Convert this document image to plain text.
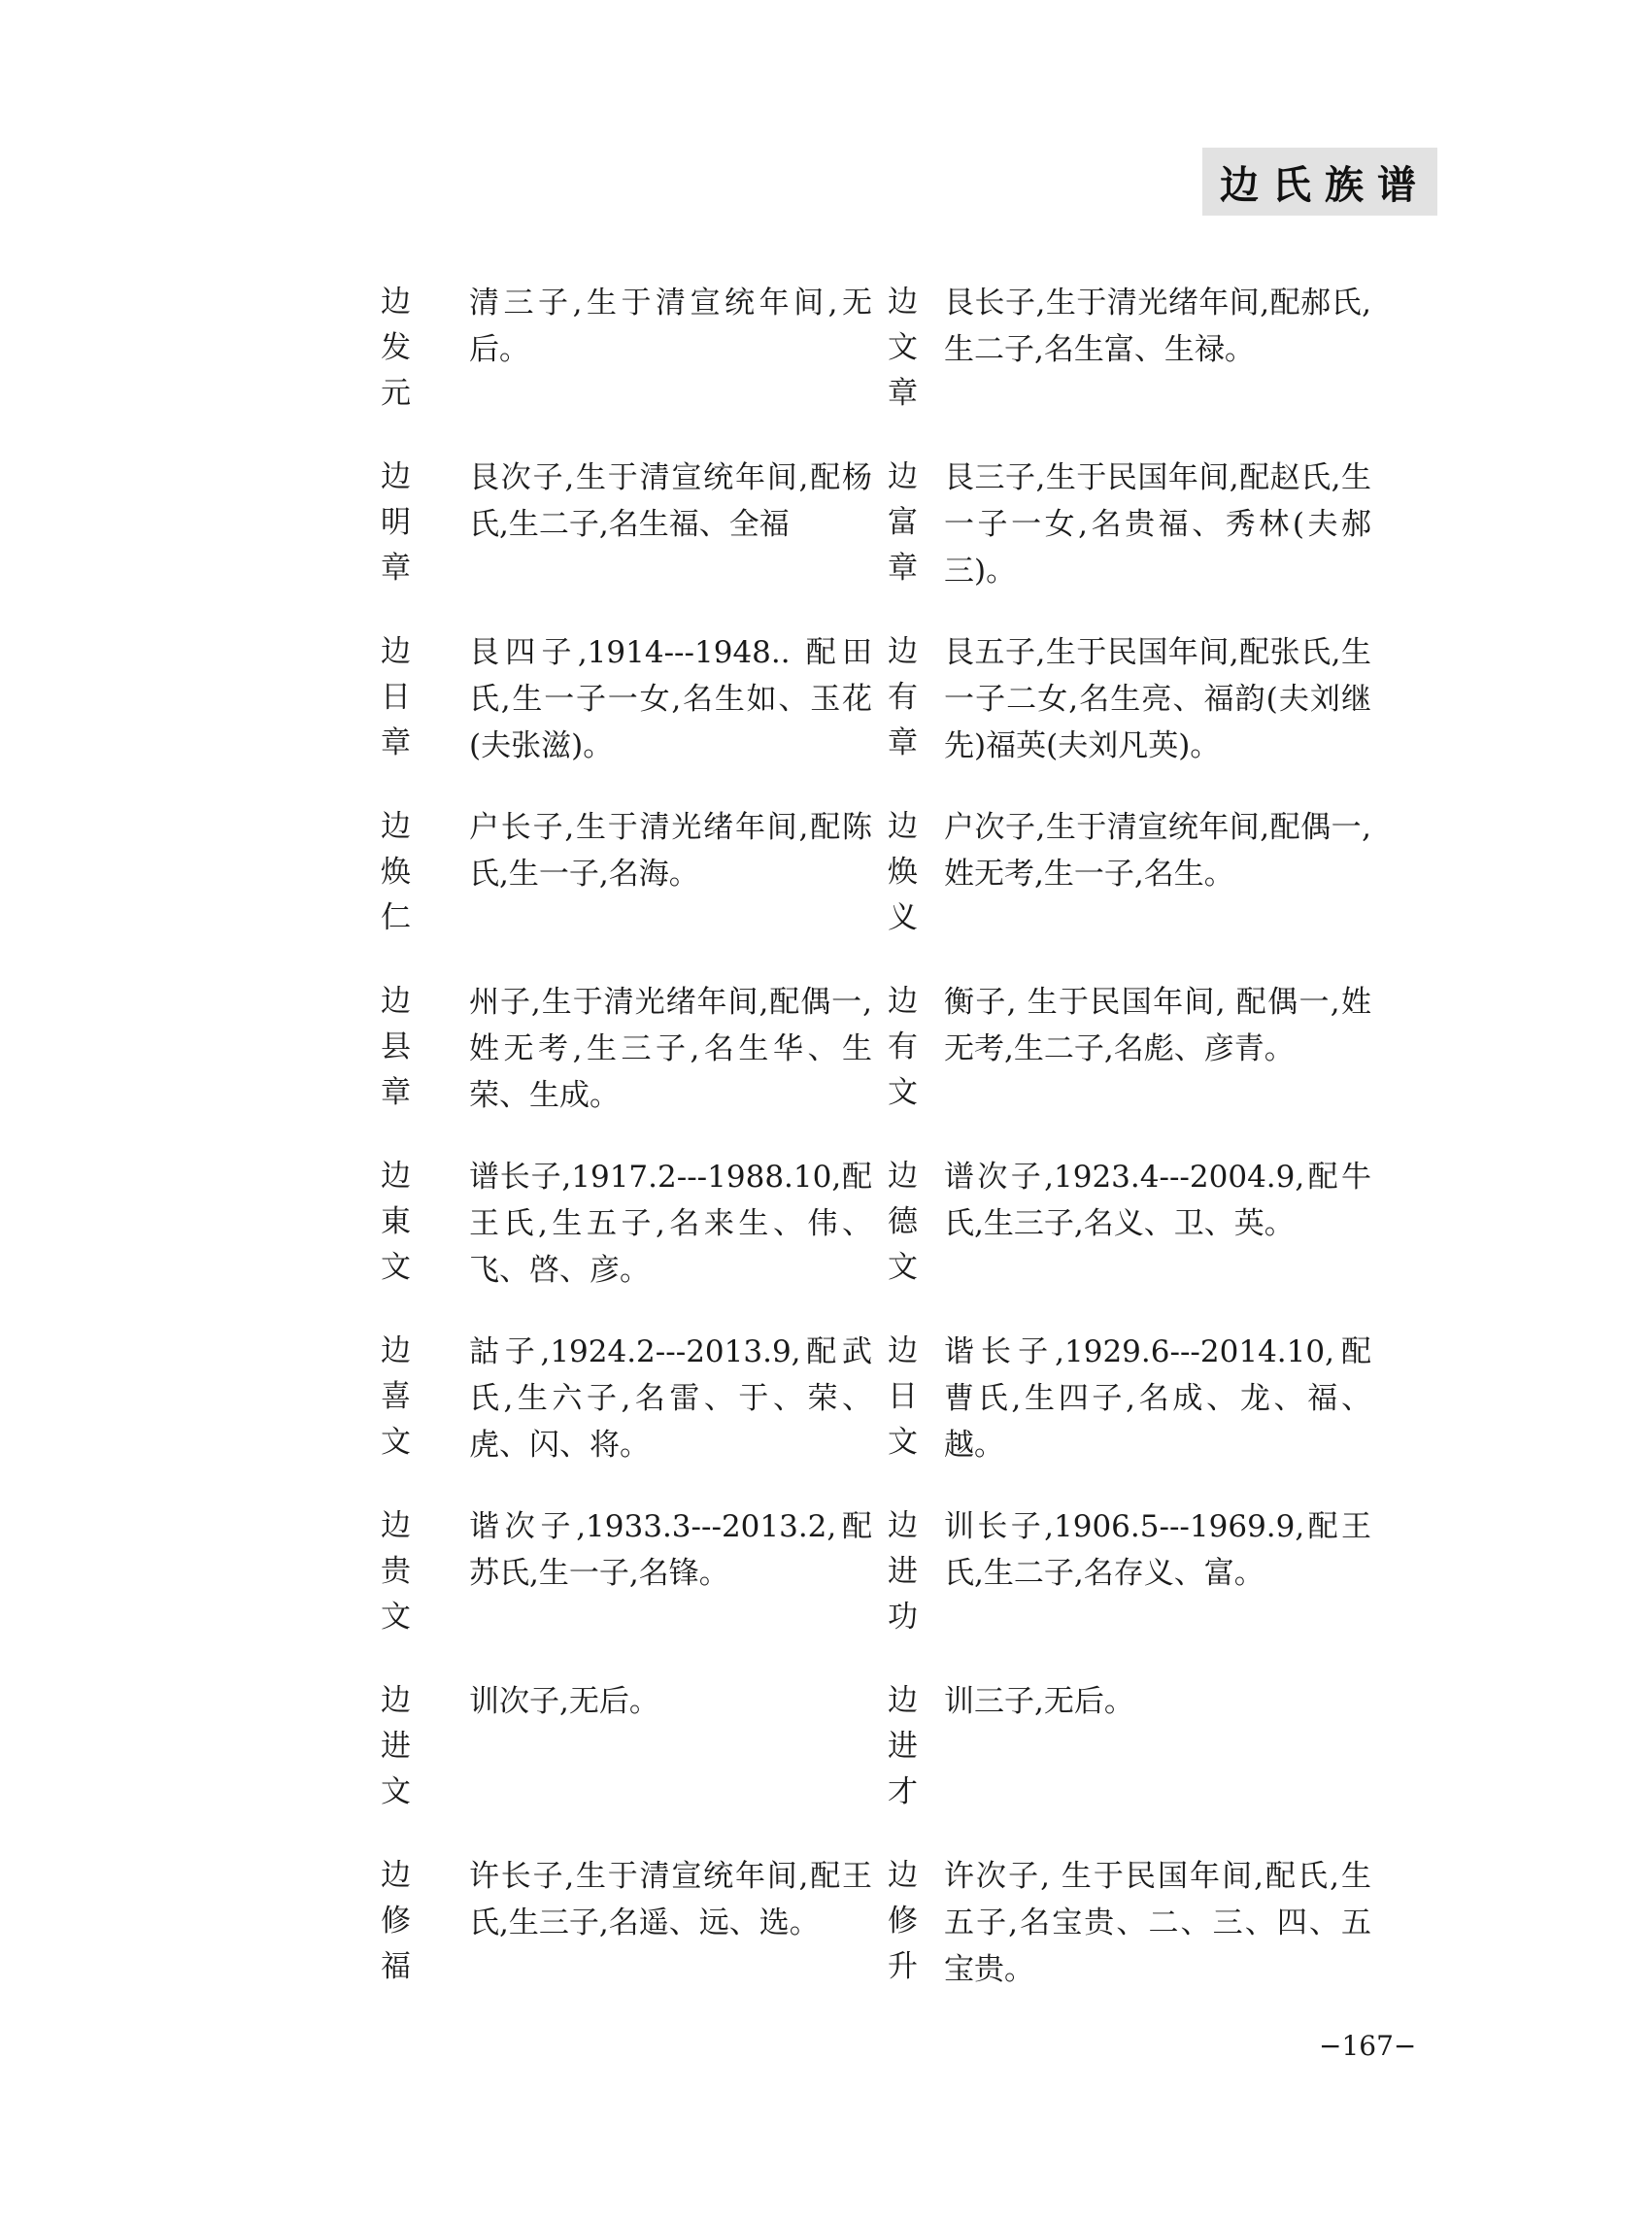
边氏族谱
边
发
元
清三子,生于清宣统年间,无后。
边
文
章
艮长子,生于清光绪年间,配郝氏,生二子,名生富、生禄。
边
明
章
艮次子,生于清宣统年间,配杨氏,生二子,名生福、全福
边
富
章
艮三子,生于民国年间,配赵氏,生一子一女,名贵福、秀林(夫郝三)。
边
日
章
艮四子,1914---1948.. 配田氏,生一子一女,名生如、玉花(夫张滋)。
边
有
章
艮五子,生于民国年间,配张氏,生一子二女,名生亮、福韵(夫刘继先)福英(夫刘凡英)。
边
焕
仁
户长子,生于清光绪年间,配陈氏,生一子,名海。
边
焕
义
户次子,生于清宣统年间,配偶一,姓无考,生一子,名生。
边
县
章
州子,生于清光绪年间,配偶一,姓无考,生三子,名生华、生荣、生成。
边
有
文
衡子, 生于民国年间, 配偶一,姓无考,生二子,名彪、彦青。
边
東
文
谱长子,1917.2---1988.10,配王氏,生五子,名来生、伟、飞、啓、彦。
边
德
文
谱次子,1923.4---2004.9,配牛氏,生三子,名义、卫、英。
边
喜
文
詁子,1924.2---2013.9,配武氏,生六子,名雷、于、荣、虎、闪、将。
边
日
文
谐长子,1929.6---2014.10,配曹氏,生四子,名成、龙、福、越。
边
贵
文
谐次子,1933.3---2013.2,配苏氏,生一子,名锋。
边
进
功
训长子,1906.5---1969.9,配王氏,生二子,名存义、富。
边
进
文
训次子,无后。	边
进
才
训三子,无后。
边
修
福
许长子,生于清宣统年间,配王氏,生三子,名遥、远、选。
边
修
升
许次子, 生于民国年间,配氏,生五子,名宝贵、二、三、四、五宝贵。
−167−
